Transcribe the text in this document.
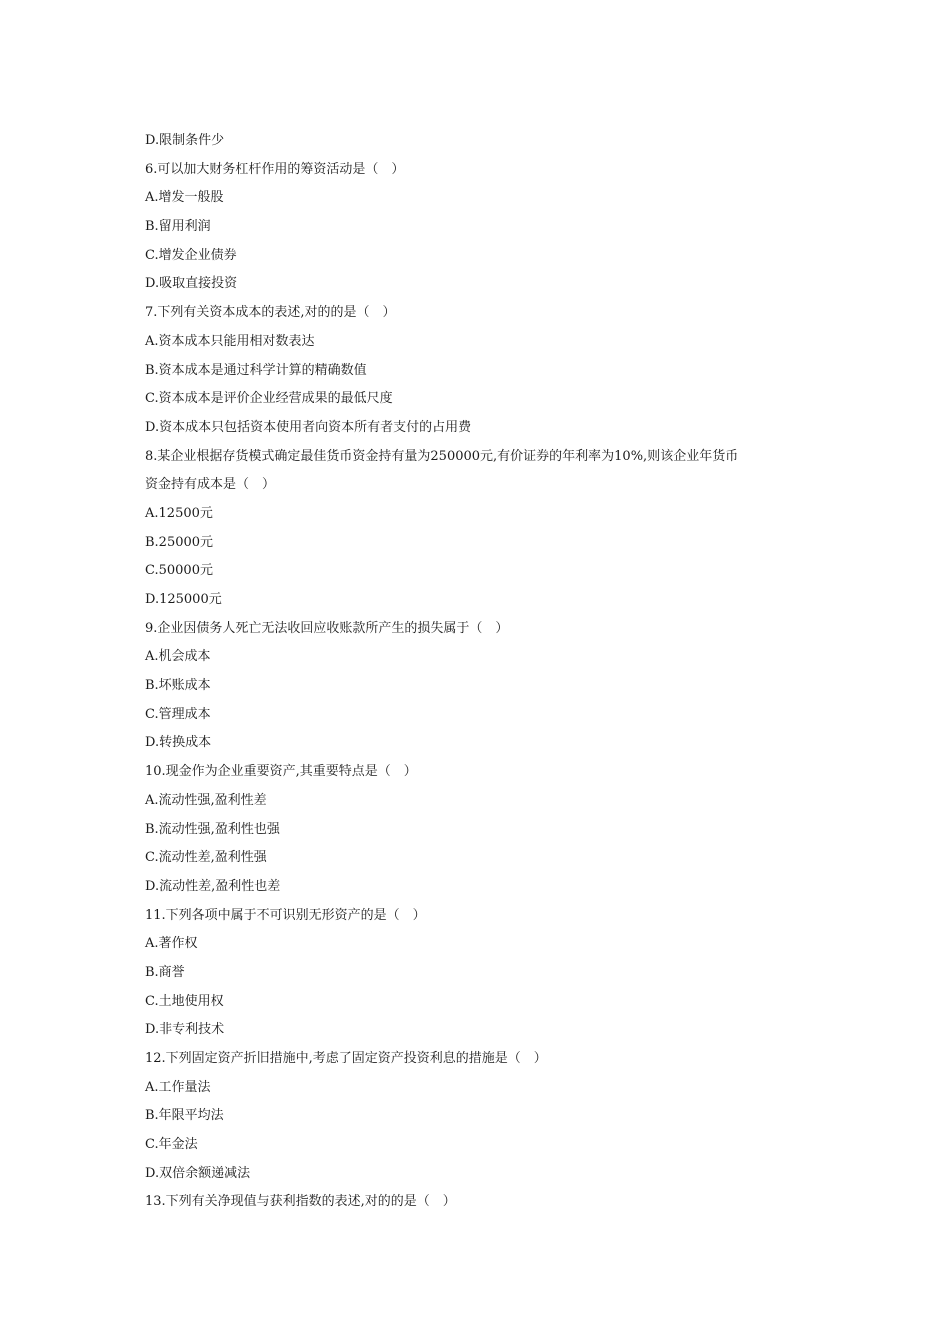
D.限制条件少
6.可以加大财务杠杆作用的筹资活动是（　）
A.增发一般股
B.留用利润
C.增发企业债券
D.吸取直接投资
7.下列有关资本成本的表述,对的的是（　）
A.资本成本只能用相对数表达
B.资本成本是通过科学计算的精确数值
C.资本成本是评价企业经营成果的最低尺度
D.资本成本只包括资本使用者向资本所有者支付的占用费
8.某企业根据存货模式确定最佳货币资金持有量为250000元,有价证券的年利率为10%,则该企业年货币
资金持有成本是（　）
A.12500元
B.25000元
C.50000元
D.125000元
9.企业因债务人死亡无法收回应收账款所产生的损失属于（　）
A.机会成本
B.坏账成本
C.管理成本
D.转换成本
10.现金作为企业重要资产,其重要特点是（　）
A.流动性强,盈利性差
B.流动性强,盈利性也强
C.流动性差,盈利性强
D.流动性差,盈利性也差
11.下列各项中属于不可识别无形资产的是（　）
A.著作权
B.商誉
C.土地使用权
D.非专利技术
12.下列固定资产折旧措施中,考虑了固定资产投资利息的措施是（　）
A.工作量法
B.年限平均法
C.年金法
D.双倍余额递减法
13.下列有关净现值与获利指数的表述,对的的是（　）
